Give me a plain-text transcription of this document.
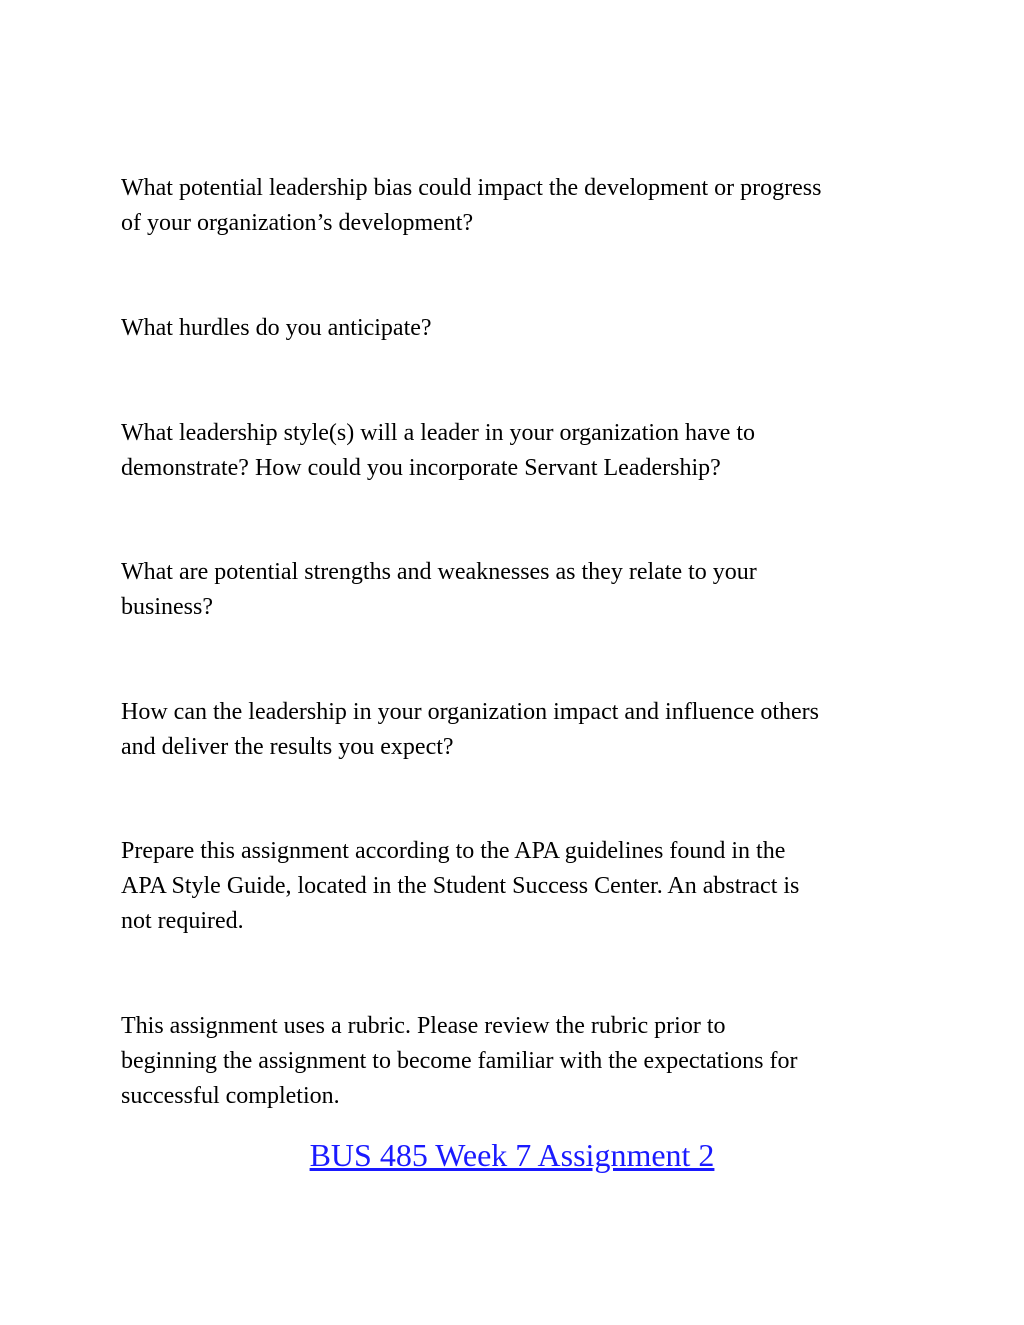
What potential leadership bias could impact the development or progress
of your organization’s development?

What hurdles do you anticipate?

What leadership style(s) will a leader in your organization have to
demonstrate? How could you incorporate Servant Leadership?

What are potential strengths and weaknesses as they relate to your
business?

How can the leadership in your organization impact and influence others
and deliver the results you expect?

Prepare this assignment according to the APA guidelines found in the
APA Style Guide, located in the Student Success Center. An abstract is
not required.

This assignment uses a rubric. Please review the rubric prior to
beginning the assignment to become familiar with the expectations for
successful completion.

BUS 485 Week 7 Assignment 2
